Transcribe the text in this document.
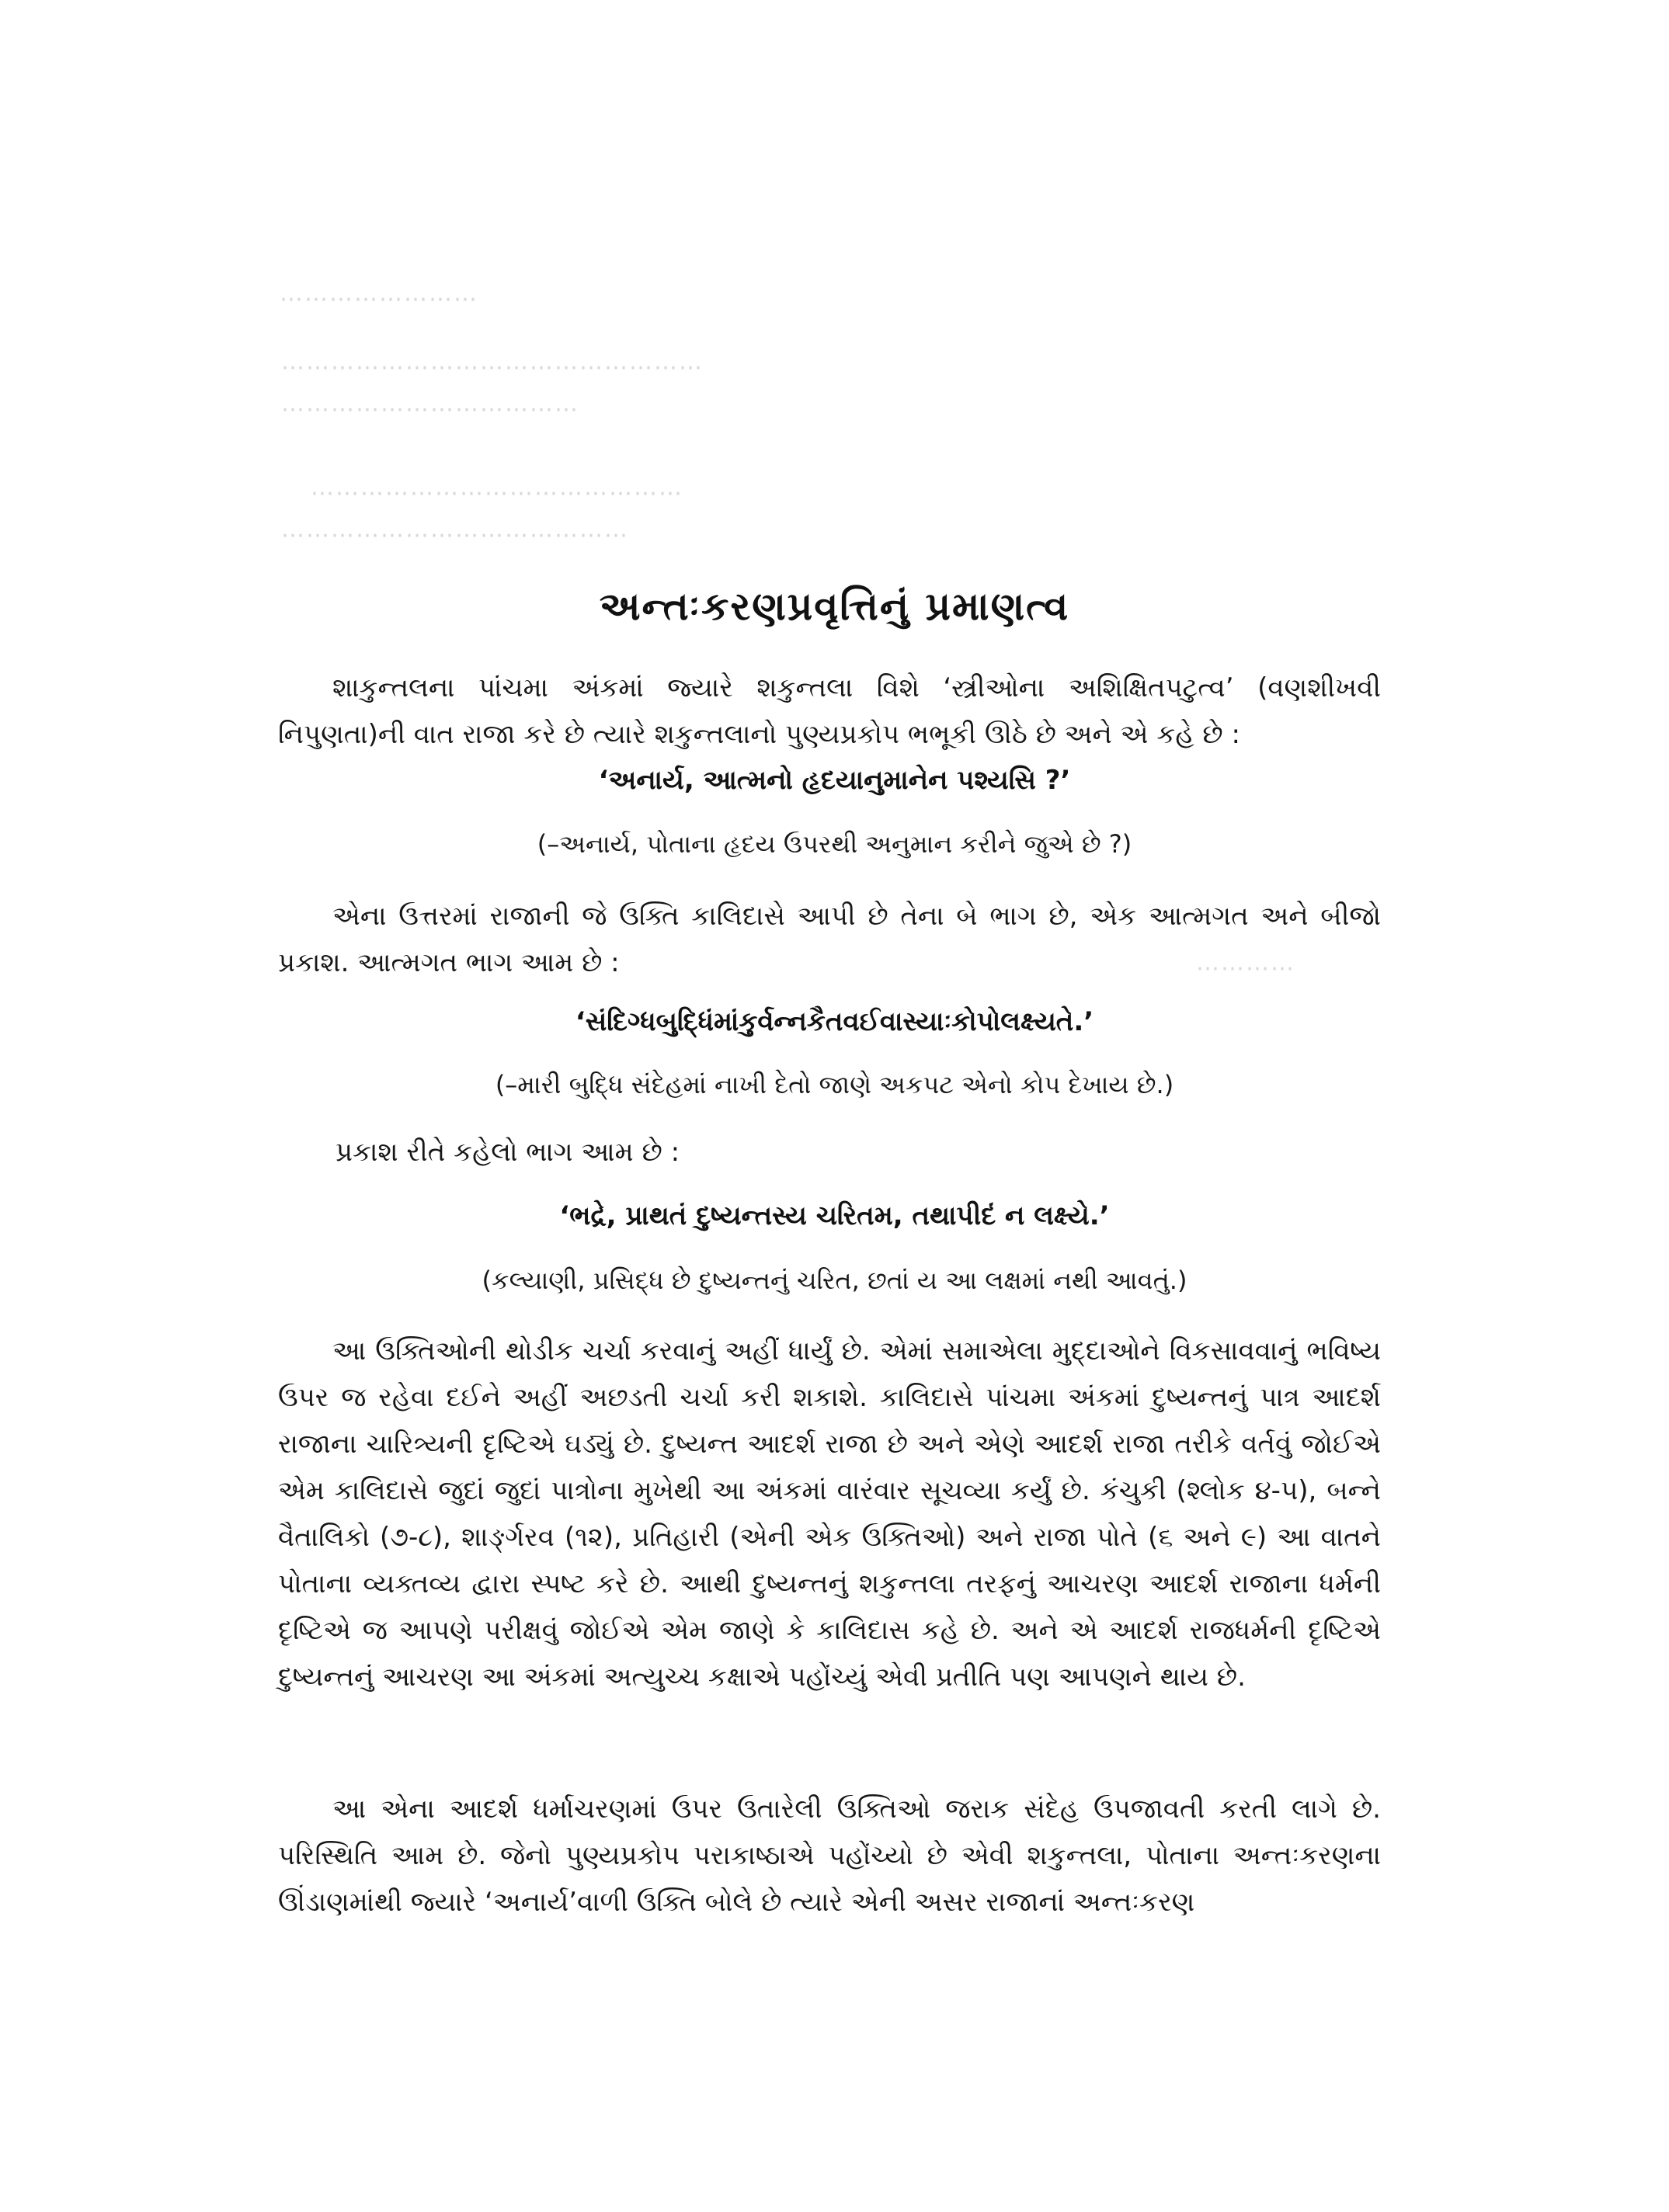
⋯⋯⋯⋯⋯⋯⋯⋯
⋯⋯⋯⋯⋯⋯⋯⋯⋯⋯⋯⋯⋯⋯⋯⋯⋯
⋯⋯⋯⋯⋯⋯⋯⋯⋯⋯⋯⋯
⋯⋯⋯⋯⋯⋯⋯⋯⋯⋯⋯⋯⋯⋯⋯
⋯⋯⋯⋯⋯⋯⋯⋯⋯⋯⋯⋯⋯⋯
⋯⋯⋯⋯
અન્તઃકરણપ્રવૃત્તિનું પ્રમાણત્વ
શાકુન્તલના પાંચમા અંકમાં જ્યારે શકુન્તલા વિશે ‘સ્ત્રીઓના અશિક્ષિતપટુત્વ’ (વણશીખવી નિપુણતા)ની વાત રાજા કરે છે ત્યારે શકુન્તલાનો પુણ્યપ્રકોપ ભભૂકી ઊઠે છે અને એ કહે છે :
‘અનાર્ય, આત્મનો હૃદયાનુમાનેન પશ્યસિ ?’
(–અનાર્ય, પોતાના હૃદય ઉપરથી અનુમાન કરીને જુએ છે ?)
એના ઉત્તરમાં રાજાની જે ઉક્તિ કાલિદાસે આપી છે તેના બે ભાગ છે, એક આત્મગત અને બીજો પ્રકાશ. આત્મગત ભાગ આમ છે :
‘સંદિગ્ધબુદ્ધિંમાંકુર્વન્નકૈતવઈવાસ્યાઃકોપોલક્ષ્યતે.’
(–મારી બુદ્ધિ સંદેહમાં નાખી દેતો જાણે અકપટ એનો કોપ દેખાય છે.)
પ્રકાશ રીતે કહેલો ભાગ આમ છે :
‘ભદ્રે, પ્રાથતં દુષ્યન્તસ્ય ચરિતમ, તથાપીદં ન લક્ષ્યે.’
(કલ્યાણી, પ્રસિદ્ધ છે દુષ્યન્તનું ચરિત, છતાં ય આ લક્ષમાં નથી આવતું.)
આ ઉક્તિઓની થોડીક ચર્ચા કરવાનું અહીં ધાર્યું છે. એમાં સમાએલા મુદ્દાઓને વિકસાવવાનું ભવિષ્ય ઉપર જ રહેવા દઈને અહીં અછડતી ચર્ચા કરી શકાશે. કાલિદાસે પાંચમા અંકમાં દુષ્યન્તનું પાત્ર આદર્શ રાજાના ચારિત્ર્યની દૃષ્ટિએ ઘડ્યું છે. દુષ્યન્ત આદર્શ રાજા છે અને એણે આદર્શ રાજા તરીકે વર્તવું જોઈએ એમ કાલિદાસે જુદાં જુદાં પાત્રોના મુખેથી આ અંકમાં વારંવાર સૂચવ્યા કર્યું છે. કંચુકી (શ્લોક ૪-૫), બન્ને વૈતાલિકો (૭-૮), શાર્ઙ્ગરવ (૧૨), પ્રતિહારી (એની એક ઉક્તિઓ) અને રાજા પોતે (૬ અને ૯) આ વાતને પોતાના વ્યક્તવ્ય દ્વારા સ્પષ્ટ કરે છે. આથી દુષ્યન્તનું શકુન્તલા તરફનું આચરણ આદર્શ રાજાના ધર્મની દૃષ્ટિએ જ આપણે પરીક્ષવું જોઈએ એમ જાણે કે કાલિદાસ કહે છે. અને એ આદર્શ રાજધર્મની દૃષ્ટિએ દુષ્યન્તનું આચરણ આ અંકમાં અત્યુચ્ચ કક્ષાએ પહોંચ્યું એવી પ્રતીતિ પણ આપણને થાય છે.
આ એના આદર્શ ધર્માચરણમાં ઉપર ઉતારેલી ઉક્તિઓ જરાક સંદેહ ઉપજાવતી કરતી લાગે છે. પરિસ્થિતિ આમ છે. જેનો પુણ્યપ્રકોપ પરાકાષ્ઠાએ પહોંચ્યો છે એવી શકુન્તલા, પોતાના અન્તઃકરણના ઊંડાણમાંથી જ્યારે ‘અનાર્ય’વાળી ઉક્તિ બોલે છે ત્યારે એની અસર રાજાનાં અન્તઃકરણ
